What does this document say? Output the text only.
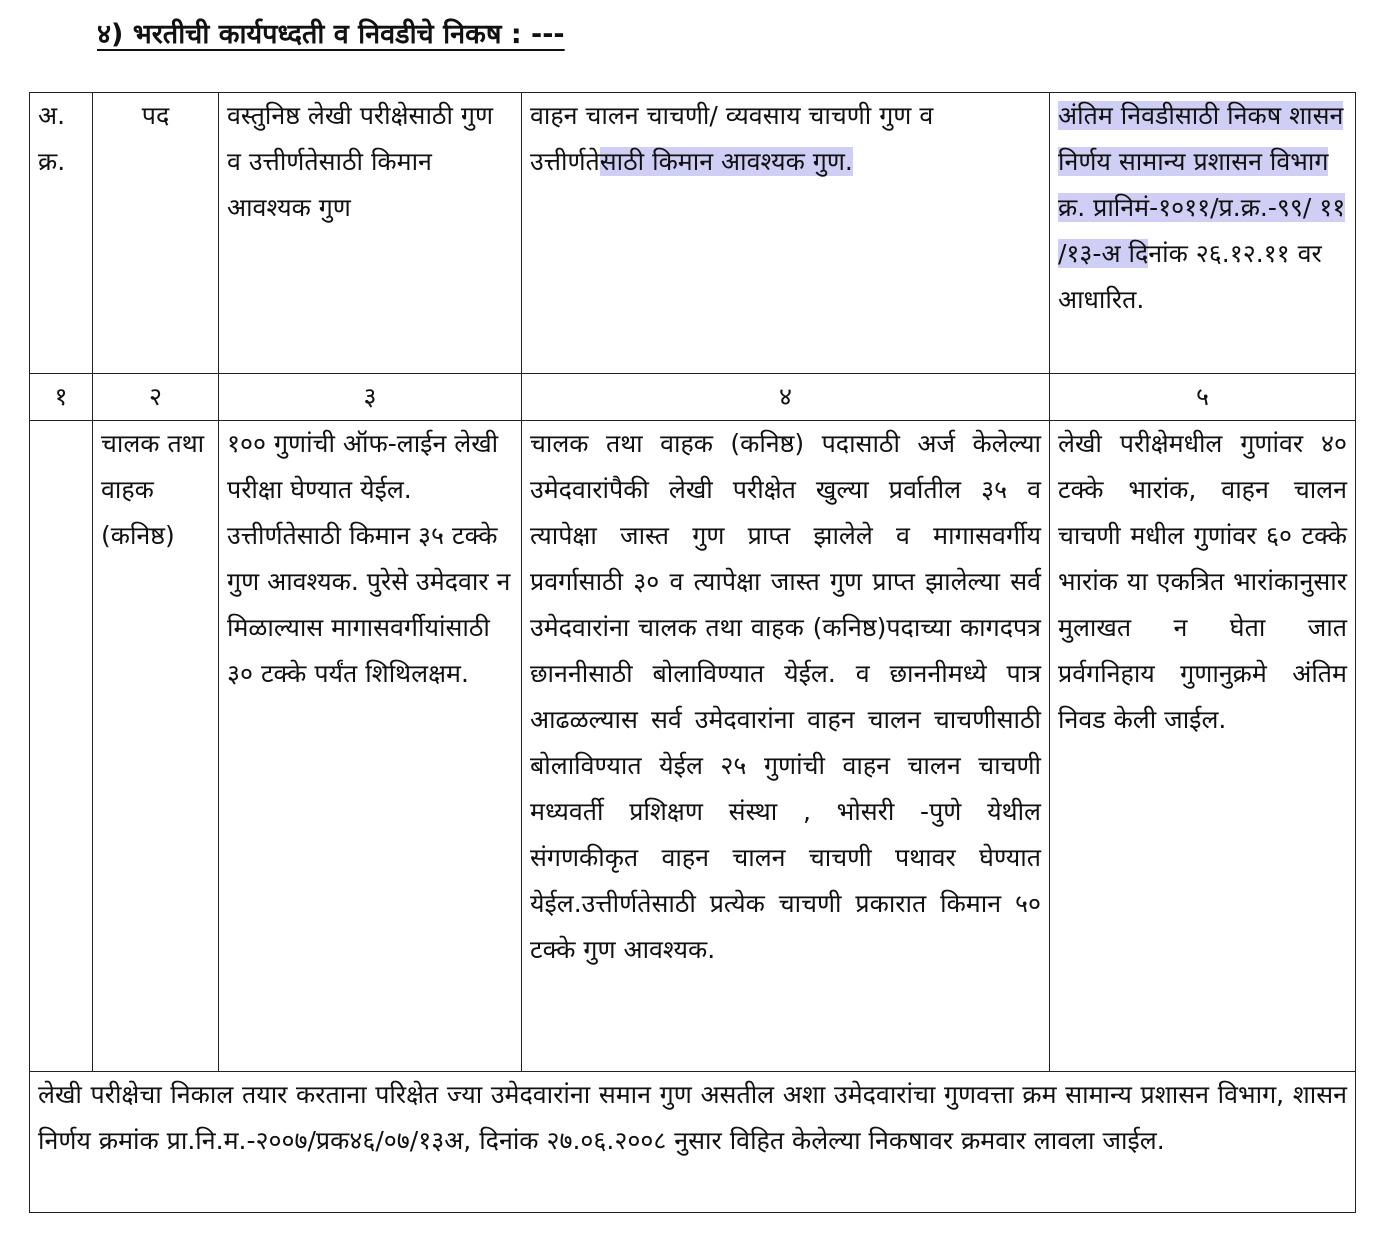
४) भरतीची कार्यपध्दती व निवडीचे निकष : ---
अ. क्र.	पद	वस्तुनिष्ठ लेखी परीक्षेसाठी गुण व उत्तीर्णतेसाठी किमान आवश्यक गुण	वाहन चालन चाचणी/ व्यवसाय चाचणी गुण व उत्तीर्णतेसाठी किमान आवश्यक गुण.	अंतिम निवडीसाठी निकष शासन निर्णय सामान्य प्रशासन विभाग क्र. प्रानिमं-१०११/प्र.क्र.-९९/ ११ /१३-अ दिनांक २६.१२.११ वर आधारित.
१	२	३	४	५
	चालक तथा वाहक (कनिष्ठ)	१०० गुणांची ऑफ-लाईन लेखी परीक्षा घेण्यात येईल. उत्तीर्णतेसाठी किमान ३५ टक्के गुण आवश्यक. पुरेसे उमेदवार न मिळाल्यास मागासवर्गीयांसाठी ३० टक्के पर्यंत शिथिलक्षम.	चालक तथा वाहक (कनिष्ठ) पदासाठी अर्ज केलेल्या उमेदवारांपैकी लेखी परीक्षेत खुल्या प्रर्वातील ३५ व त्यापेक्षा जास्त गुण प्राप्त झालेले व मागासवर्गीय प्रवर्गासाठी ३० व त्यापेक्षा जास्त गुण प्राप्त झालेल्या सर्व उमेदवारांना चालक तथा वाहक (कनिष्ठ)पदाच्या कागदपत्र छाननीसाठी बोलाविण्यात येईल. व छाननीमध्ये पात्र आढळल्यास सर्व उमेदवारांना वाहन चालन चाचणीसाठी बोलाविण्यात येईल २५ गुणांची वाहन चालन चाचणी मध्यवर्ती प्रशिक्षण संस्था , भोसरी -पुणे येथील संगणकीकृत वाहन चालन चाचणी पथावर घेण्यात येईल.उत्तीर्णतेसाठी प्रत्येक चाचणी प्रकारात किमान ५० टक्के गुण आवश्यक.	लेखी परीक्षेमधील गुणांवर ४० टक्के भारांक, वाहन चालन चाचणी मधील गुणांवर ६० टक्के भारांक या एकत्रित भारांकानुसार मुलाखत न घेता जात प्रर्वगनिहाय गुणानुक्रमे अंतिम निवड केली जाईल.
लेखी परीक्षेचा निकाल तयार करताना परिक्षेत ज्या उमेदवारांना समान गुण असतील अशा उमेदवारांचा गुणवत्ता क्रम सामान्य प्रशासन विभाग, शासन निर्णय क्रमांक प्रा.नि.म.-२००७/प्रक४६/०७/१३अ, दिनांक २७.०६.२००८ नुसार विहित केलेल्या निकषावर क्रमवार लावला जाईल.				
